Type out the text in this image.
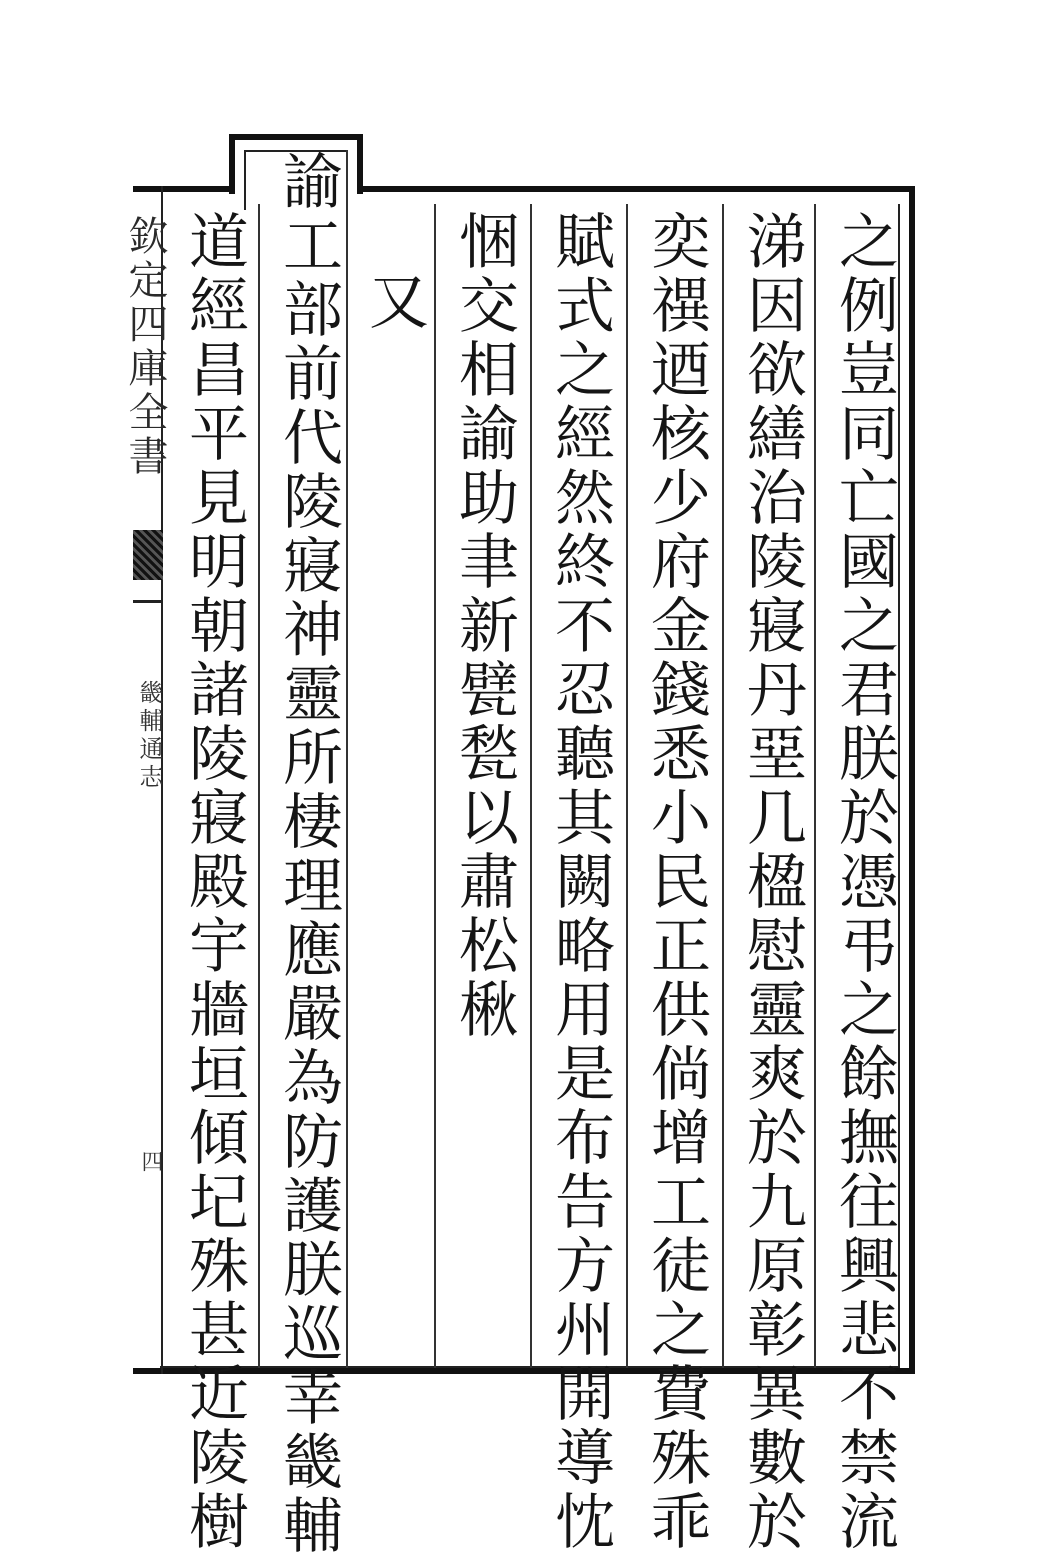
欽定四庫全書
畿輔通志
四	之例豈同亡國之君朕於憑弔之餘撫往興悲不禁流
涕因欲繕治陵寢丹堊几楹慰靈爽於九原彰異數於
奕禩迺核少府金錢悉小民正供倘增工徒之費殊乖
賦式之經然終不忍聽其闕略用是布告方州開導忱
悃交相諭助聿新甓甃以肅松楸
又
諭工部前代陵寢神靈所棲理應嚴為防護朕巡幸畿輔
道經昌平見明朝諸陵寢殿宇牆垣傾圮殊甚近陵樹
